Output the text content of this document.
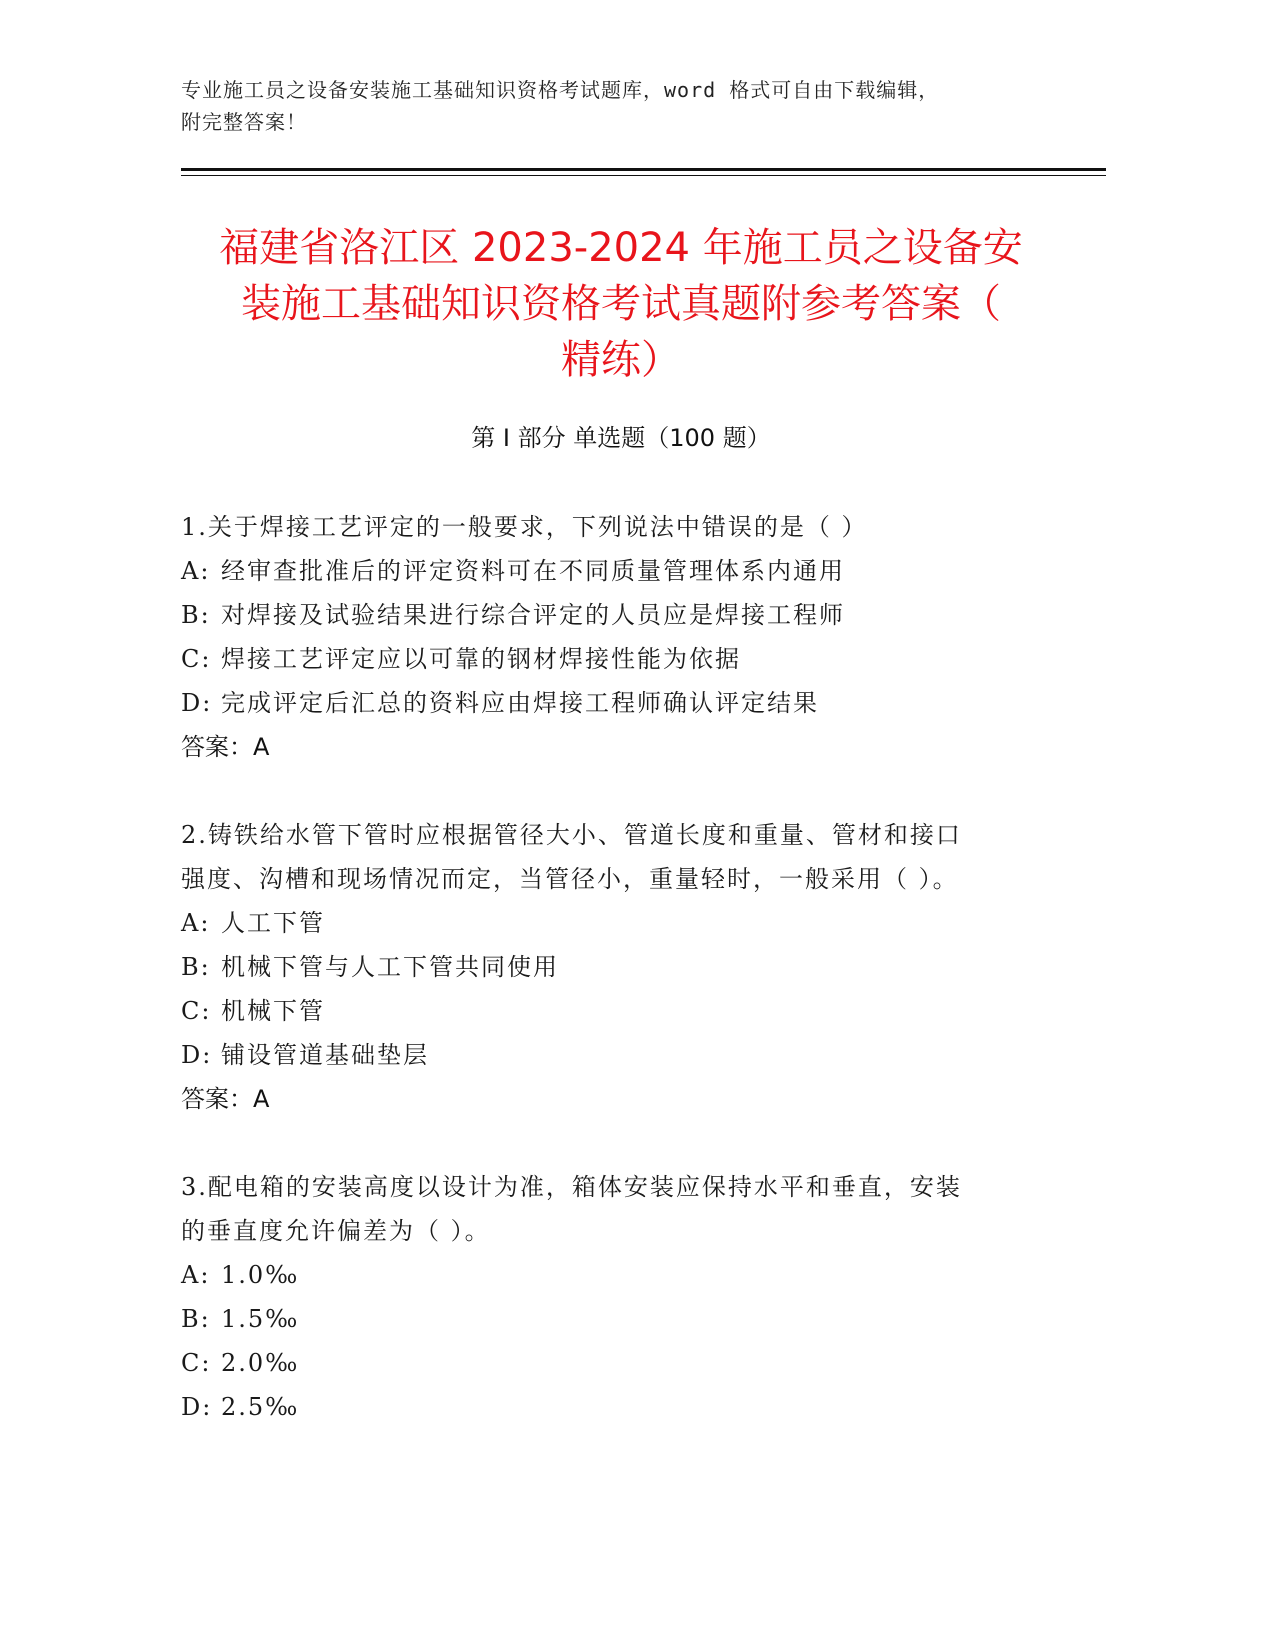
专业施工员之设备安装施工基础知识资格考试题库，word 格式可自由下载编辑，
附完整答案！
福建省洛江区 2023-2024 年施工员之设备安
装施工基础知识资格考试真题附参考答案（
精练）
第 I 部分 单选题（100 题）
1.关于焊接工艺评定的一般要求，下列说法中错误的是（ ）
A: 经审查批准后的评定资料可在不同质量管理体系内通用
B: 对焊接及试验结果进行综合评定的人员应是焊接工程师
C: 焊接工艺评定应以可靠的钢材焊接性能为依据
D: 完成评定后汇总的资料应由焊接工程师确认评定结果
答案：A
2.铸铁给水管下管时应根据管径大小、管道长度和重量、管材和接口
强度、沟槽和现场情况而定，当管径小，重量轻时，一般采用（ ）。
A: 人工下管
B: 机械下管与人工下管共同使用
C: 机械下管
D: 铺设管道基础垫层
答案：A
3.配电箱的安装高度以设计为准，箱体安装应保持水平和垂直，安装
的垂直度允许偏差为（ ）。
A: 1.0‰
B: 1.5‰
C: 2.0‰
D: 2.5‰
